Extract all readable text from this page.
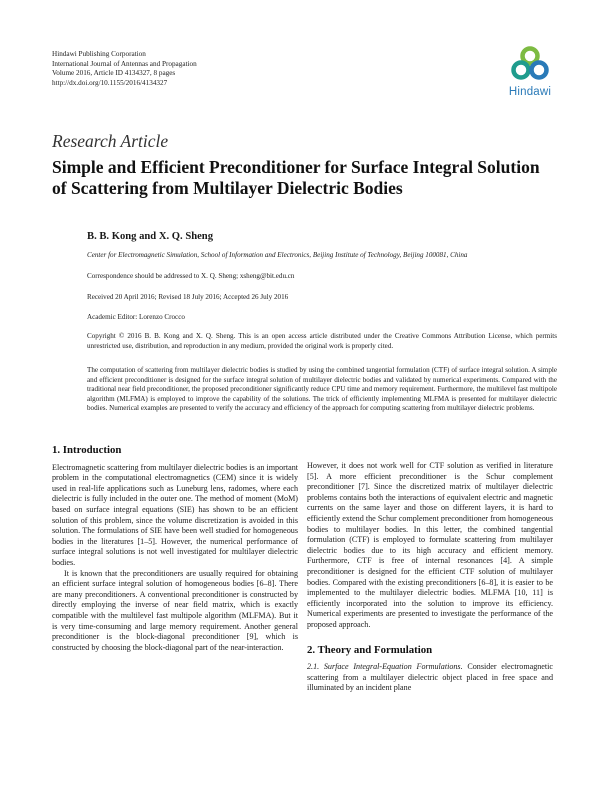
Hindawi Publishing Corporation
International Journal of Antennas and Propagation
Volume 2016, Article ID 4134327, 8 pages
http://dx.doi.org/10.1155/2016/4134327
Hindawi
Research Article
Simple and Efficient Preconditioner for Surface Integral Solution of Scattering from Multilayer Dielectric Bodies
B. B. Kong and X. Q. Sheng
Center for Electromagnetic Simulation, School of Information and Electronics, Beijing Institute of Technology, Beijing 100081, China
Correspondence should be addressed to X. Q. Sheng; xsheng@bit.edu.cn
Received 20 April 2016; Revised 18 July 2016; Accepted 26 July 2016
Academic Editor: Lorenzo Crocco
Copyright © 2016 B. B. Kong and X. Q. Sheng. This is an open access article distributed under the Creative Commons Attribution License, which permits unrestricted use, distribution, and reproduction in any medium, provided the original work is properly cited.
The computation of scattering from multilayer dielectric bodies is studied by using the combined tangential formulation (CTF) of surface integral solution. A simple and efficient preconditioner is designed for the surface integral solution of multilayer dielectric bodies and validated by numerical experiments. Compared with the traditional near field preconditioner, the proposed preconditioner significantly reduce CPU time and memory requirement. Furthermore, the multilevel fast multipole algorithm (MLFMA) is employed to improve the capability of the solutions. The trick of efficiently implementing MLFMA is presented for multilayer dielectric bodies. Numerical examples are presented to verify the accuracy and efficiency of the approach for computing scattering from multilayer dielectric problems.
1. Introduction

Electromagnetic scattering from multilayer dielectric bodies is an important problem in the computational electromagnetics (CEM) since it is widely used in real-life applications such as Luneburg lens, radomes, where each dielectric is fully included in the outer one. The method of moment (MoM) based on surface integral equations (SIE) has shown to be an efficient solution of this problem, since the volume discretization is avoided in this solution. The formulations of SIE have been well studied for homogeneous bodies in the literatures [1–5]. However, the numerical performance of surface integral solutions is not well investigated for multilayer dielectric bodies.

It is known that the preconditioners are usually required for obtaining an efficient surface integral solution of homogeneous bodies [6–8]. There are many preconditioners. A conventional preconditioner is constructed by directly employing the inverse of near field matrix, which is exactly compatible with the multilevel fast multipole algorithm (MLFMA). But it is very time-consuming and large memory requirement. Another general preconditioner is the block-diagonal preconditioner [9], which is constructed by choosing the block-diagonal part of the near-interaction.

However, it does not work well for CTF solution as verified in literature [5]. A more efficient preconditioner is the Schur complement preconditioner [7]. Since the discretized matrix of multilayer dielectric problems contains both the interactions of equivalent electric and magnetic currents on the same layer and those on different layers, it is hard to efficiently extend the Schur complement preconditioner from homogeneous bodies to multilayer bodies. In this letter, the combined tangential formulation (CTF) is employed to formulate scattering from multilayer dielectric bodies due to its high accuracy and efficient memory. Furthermore, CTF is free of internal resonances [4]. A simple preconditioner is designed for the efficient CTF solution of multilayer bodies. Compared with the existing preconditioners [6–8], it is easier to be implemented to the multilayer dielectric bodies. MLFMA [10, 11] is efficiently incorporated into the solution to improve its efficiency. Numerical experiments are presented to investigate the performance of the proposed approach.

2. Theory and Formulation

2.1. Surface Integral-Equation Formulations. Consider electromagnetic scattering from a multilayer dielectric object placed in free space and illuminated by an incident plane
